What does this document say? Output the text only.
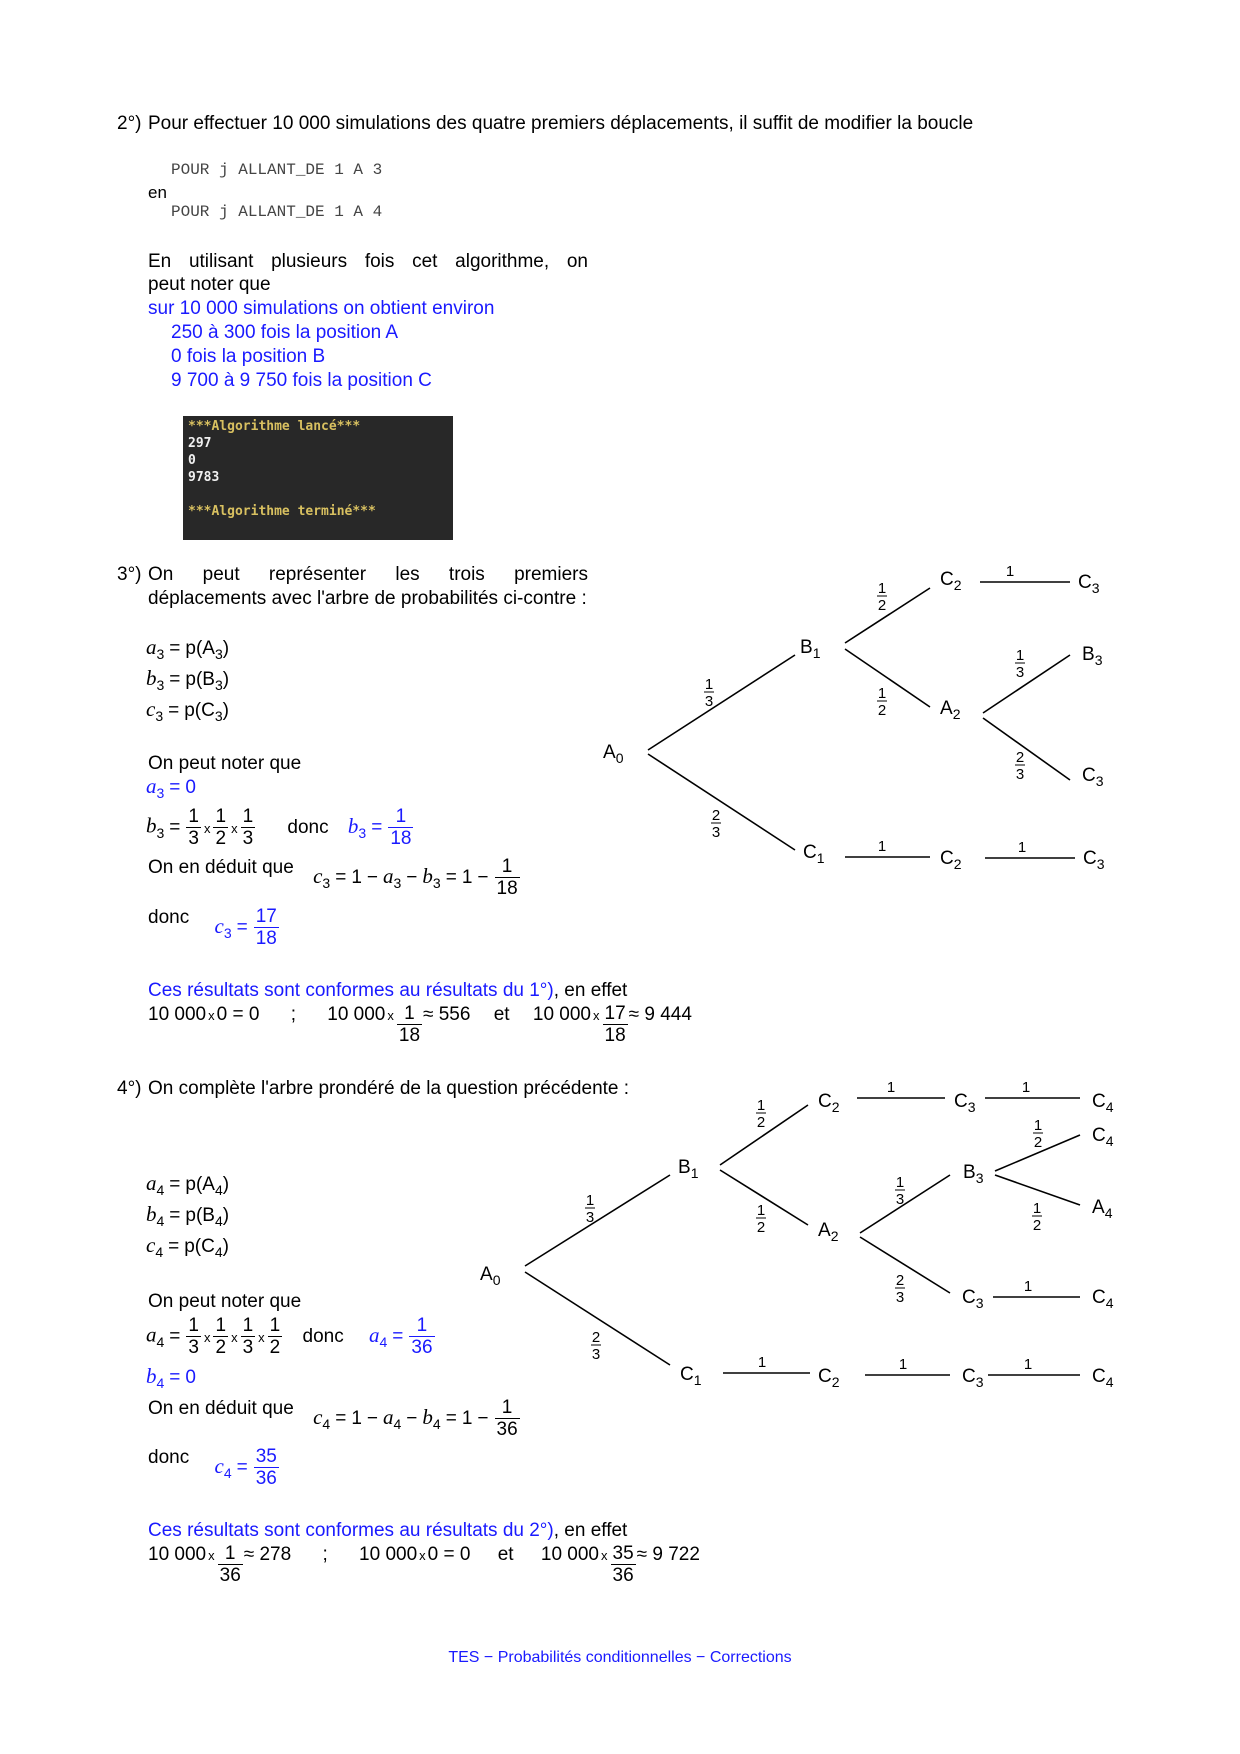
2°) Pour effectuer 10 000 simulations des quatre premiers déplacements, il suffit de modifier la boucle
POUR j ALLANT_DE 1 A 3
en
POUR j ALLANT_DE 1 A 4
En utilisant plusieurs fois cet algorithme, on
peut noter que
sur 10 000 simulations on obtient environ
250 à 300 fois la position A
0 fois la position B
9 700 à 9 750 fois la position C
***Algorithme lancé***
297
0
9783
***Algorithme terminé***
3°) On peut représenter les trois premiers déplacements avec l'arbre de probabilités ci-contre :
$a_3 = p(A_3)$
$b_3 = p(B_3)$
$c_3 = p(C_3)$
On peut noter que
$a_3 = 0$
$b_3 = \frac{1}{3}$ x $\frac{1}{2}$ x $\frac{1}{3}$ donc $b_3 = \frac{1}{18}$
On en déduit que $c_3 = 1 - a_3 - b_3 = 1 - \frac{1}{18}$
donc $c_3 = \frac{17}{18}$
Ces résultats sont conformes au résultats du 1°), en effet
10 000 $^x$ 0 = 0 ; 10 000 $^x \frac{1}{18} \approx 556$ et 10 000 $^x \frac{17}{18} \approx 9$ 444
4°) On complète l'arbre prondéré de la question précédente :
$a_4 = p(A_4)$
$b_4 = p(B_4)$
$c_4 = p(C_4)$
On peut noter que
$a_4 = \frac{1}{3}$ x $\frac{1}{2}$ x $\frac{1}{3}$ x $\frac{1}{2}$ donc $a_4 = \frac{1}{36}$
$b_4 = 0$
On en déduit que $c_4 = 1 - a_4 - b_4 = 1 - \frac{1}{36}$
donc $c_4 = \frac{35}{36}$
Ces résultats sont conformes au résultats du 2°), en effet
10 000 $^x \frac{1}{36} \approx 278$ ; 10 000 $^x$ 0 = 0 et 10 000 $^x \frac{35}{36} \approx 9$ 722
$A_0$
$B_1$
$C_1$
$C_2$
$A_2$
$C_3$
$B_3$
$C_3$
$C_2$	$C_3$
1
3
2
3
1
2
1
2
1
1
3
2
3
1	1
$A_0$
$B_1$
$C_1$
$C_2$
$A_2$
$C_3$	$C_4$
$B_3$
$C_4$
$A_4$
$C_3$	$C_4$
$C_2$	$C_3$	$C_4$
1
3
2
3
1
2
1
2
1	1
1
3
2
3
1
2
1
2
1
1	1	1
TES − Probabilités conditionnelles − Corrections
